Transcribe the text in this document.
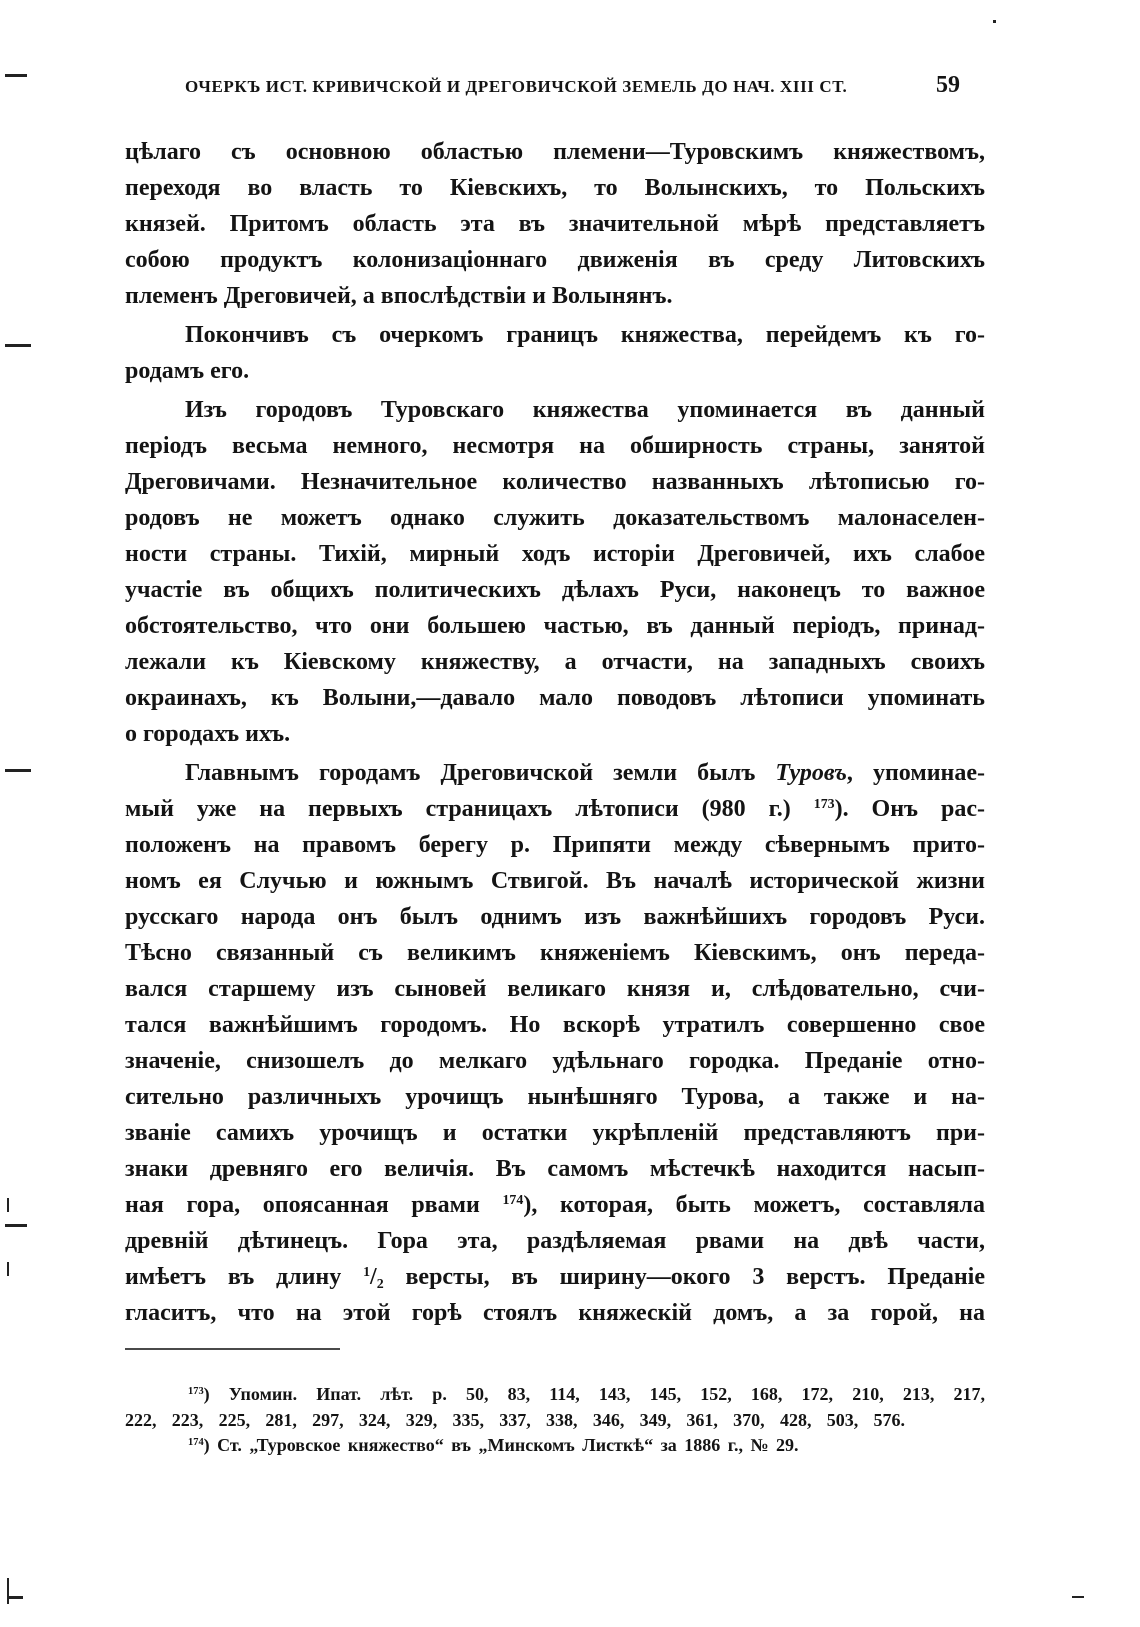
ОЧЕРКЪ ИСТ. КРИВИЧСКОЙ И ДРЕГОВИЧСКОЙ ЗЕМЕЛЬ ДО НАЧ. XIII СТ.	59
цѣлаго съ основною областью племени—Туровскимъ княжествомъ,
переходя во власть то Кіевскихъ, то Волынскихъ, то Польскихъ
князей. Притомъ область эта въ значительной мѣрѣ представляетъ
собою продуктъ колонизаціоннаго движенія въ среду Литовскихъ
племенъ Дреговичей, а впослѣдствіи и Волынянъ.
Покончивъ съ очеркомъ границъ княжества, перейдемъ къ го-
родамъ его.
Изъ городовъ Туровскаго княжества упоминается въ данный
періодъ весьма немного, несмотря на обширность страны, занятой
Дреговичами. Незначительное количество названныхъ лѣтописью го-
родовъ не можетъ однако служить доказательствомъ малонаселен-
ности страны. Тихій, мирный ходъ исторіи Дреговичей, ихъ слабое
участіе въ общихъ политическихъ дѣлахъ Руси, наконецъ то важное
обстоятельство, что они большею частью, въ данный періодъ, принад-
лежали къ Кіевскому княжеству, а отчасти, на западныхъ своихъ
окраинахъ, къ Волыни,—давало мало поводовъ лѣтописи упоминать
о городахъ ихъ.
Главнымъ городамъ Дреговичской земли былъ Туровъ, упоминае-
мый уже на первыхъ страницахъ лѣтописи (980 г.) $^{173}$). Онъ рас-
положенъ на правомъ берегу р. Припяти между сѣвернымъ прито-
номъ ея Случью и южнымъ Ствигой. Въ началѣ исторической жизни
русскаго народа онъ былъ однимъ изъ важнѣйшихъ городовъ Руси.
Тѣсно связанный съ великимъ княженіемъ Кіевскимъ, онъ переда-
вался старшему изъ сыновей великаго князя и, слѣдовательно, счи-
тался важнѣйшимъ городомъ. Но вскорѣ утратилъ совершенно свое
значеніе, снизошелъ до мелкаго удѣльнаго городка. Преданіе отно-
сительно различныхъ урочищъ нынѣшняго Турова, а также и на-
званіе самихъ урочищъ и остатки укрѣпленій представляютъ при-
знаки древняго его величія. Въ самомъ мѣстечкѣ находится насып-
ная гора, опоясанная рвами $^{174}$), которая, быть можетъ, составляла
древній дѣтинецъ. Гора эта, раздѣляемая рвами на двѣ части,
имѣетъ въ длину $^1$/2 версты, въ ширину—окого 3 верстъ. Преданіе
гласитъ, что на этой горѣ стоялъ княжескій домъ, а за горой, на
$^{173}$) Упомин. Ипат. лѣт. р. 50, 83, 114, 143, 145, 152, 168, 172, 210, 213, 217,
222, 223, 225, 281, 297, 324, 329, 335, 337, 338, 346, 349, 361, 370, 428, 503, 576.
$^{174}$) Ст. „Туровское княжество“ въ „Минскомъ Листкѣ“ за 1886 г., № 29.
